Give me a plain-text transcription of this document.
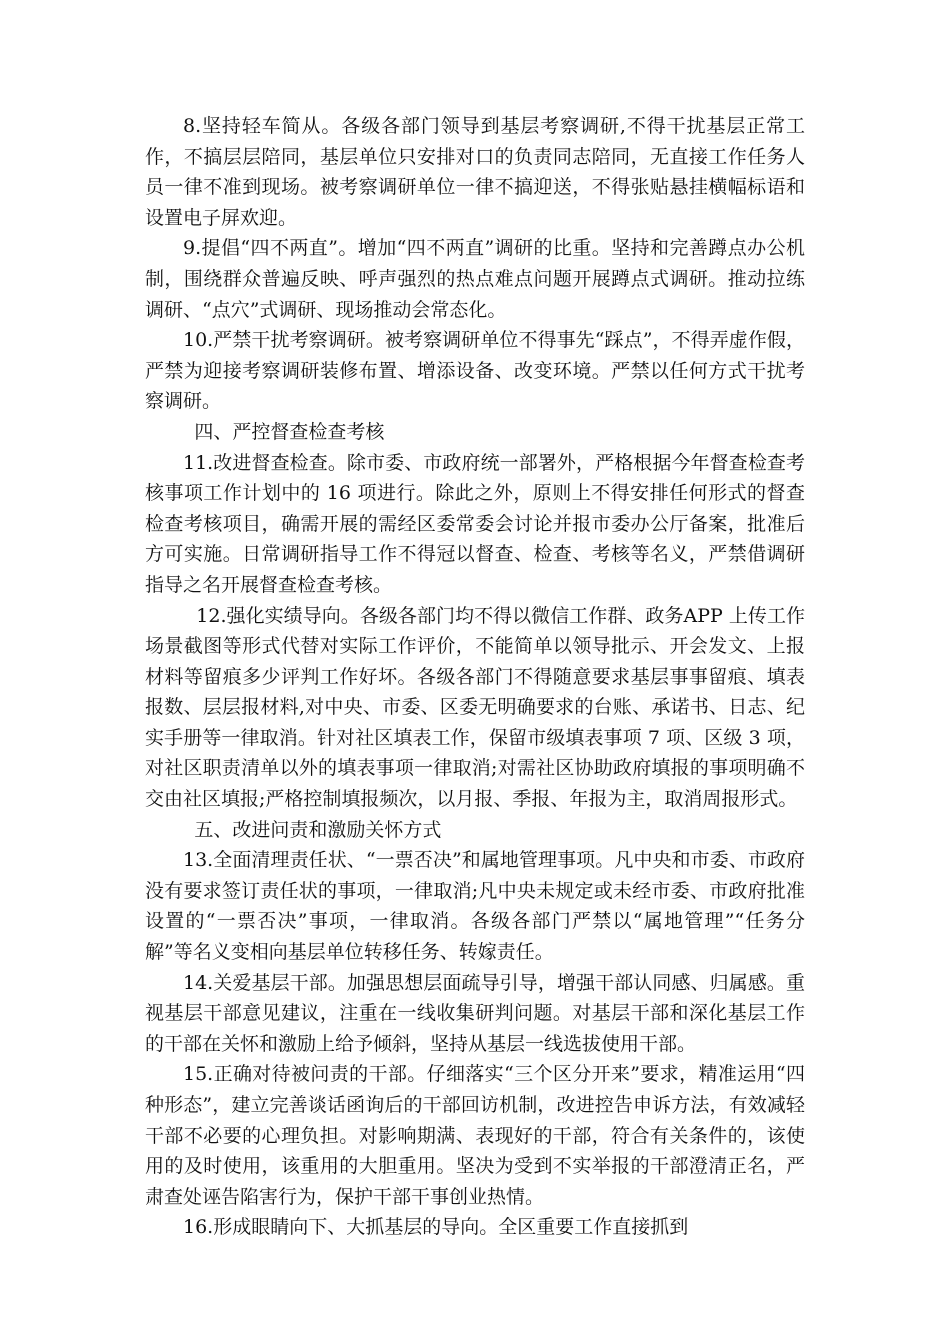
8.坚持轻车简从。各级各部门领导到基层考察调研,不得干扰基层正常工作，不搞层层陪同，基层单位只安排对口的负责同志陪同，无直接工作任务人员一律不准到现场。被考察调研单位一律不搞迎送，不得张贴悬挂横幅标语和设置电子屏欢迎。

9.提倡“四不两直”。增加“四不两直”调研的比重。坚持和完善蹲点办公机制，围绕群众普遍反映、呼声强烈的热点难点问题开展蹲点式调研。推动拉练调研、“点穴”式调研、现场推动会常态化。

10.严禁干扰考察调研。被考察调研单位不得事先“踩点”，不得弄虚作假，严禁为迎接考察调研装修布置、增添设备、改变环境。严禁以任何方式干扰考察调研。

四、严控督查检查考核

11.改进督查检查。除市委、市政府统一部署外，严格根据今年督查检查考核事项工作计划中的 16 项进行。除此之外，原则上不得安排任何形式的督查检查考核项目，确需开展的需经区委常委会讨论并报市委办公厅备案，批准后方可实施。日常调研指导工作不得冠以督查、检查、考核等名义，严禁借调研指导之名开展督查检查考核。

12.强化实绩导向。各级各部门均不得以微信工作群、政务APP 上传工作场景截图等形式代替对实际工作评价，不能简单以领导批示、开会发文、上报材料等留痕多少评判工作好坏。各级各部门不得随意要求基层事事留痕、填表报数、层层报材料,对中央、市委、区委无明确要求的台账、承诺书、日志、纪实手册等一律取消。针对社区填表工作，保留市级填表事项 7 项、区级 3 项，对社区职责清单以外的填表事项一律取消;对需社区协助政府填报的事项明确不交由社区填报;严格控制填报频次，以月报、季报、年报为主，取消周报形式。

五、改进问责和激励关怀方式

13.全面清理责任状、“一票否决”和属地管理事项。凡中央和市委、市政府没有要求签订责任状的事项，一律取消;凡中央未规定或未经市委、市政府批准设置的“一票否决”事项，一律取消。各级各部门严禁以“属地管理”“任务分解”等名义变相向基层单位转移任务、转嫁责任。

14.关爱基层干部。加强思想层面疏导引导，增强干部认同感、归属感。重视基层干部意见建议，注重在一线收集研判问题。对基层干部和深化基层工作的干部在关怀和激励上给予倾斜，坚持从基层一线选拔使用干部。

15.正确对待被问责的干部。仔细落实“三个区分开来”要求，精准运用“四种形态”，建立完善谈话函询后的干部回访机制，改进控告申诉方法，有效减轻干部不必要的心理负担。对影响期满、表现好的干部，符合有关条件的，该使用的及时使用，该重用的大胆重用。坚决为受到不实举报的干部澄清正名，严肃查处诬告陷害行为，保护干部干事创业热情。

16.形成眼睛向下、大抓基层的导向。全区重要工作直接抓到
